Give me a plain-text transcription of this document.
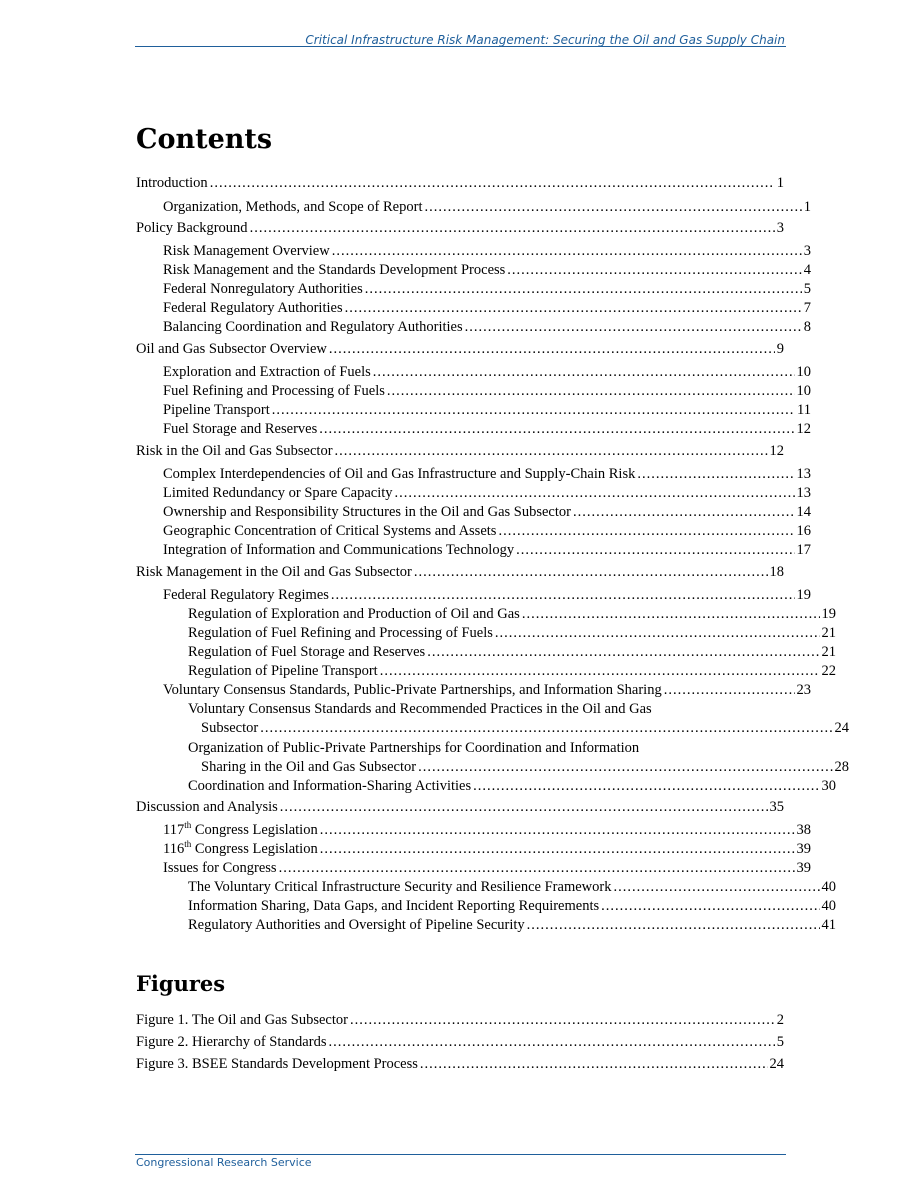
Critical Infrastructure Risk Management: Securing the Oil and Gas Supply Chain
Contents
Introduction .....	1
Organization, Methods, and Scope of Report .....	1
Policy Background .....	3
Risk Management Overview .....	3
Risk Management and the Standards Development Process .....	4
Federal Nonregulatory Authorities .....	5
Federal Regulatory Authorities .....	7
Balancing Coordination and Regulatory Authorities .....	8
Oil and Gas Subsector Overview .....	9
Exploration and Extraction of Fuels .....	10
Fuel Refining and Processing of Fuels .....	10
Pipeline Transport .....	11
Fuel Storage and Reserves .....	12
Risk in the Oil and Gas Subsector .....	12
Complex Interdependencies of Oil and Gas Infrastructure and Supply-Chain Risk .....	13
Limited Redundancy or Spare Capacity .....	13
Ownership and Responsibility Structures in the Oil and Gas Subsector .....	14
Geographic Concentration of Critical Systems and Assets .....	16
Integration of Information and Communications Technology .....	17
Risk Management in the Oil and Gas Subsector .....	18
Federal Regulatory Regimes .....	19
Regulation of Exploration and Production of Oil and Gas .....	19
Regulation of Fuel Refining and Processing of Fuels .....	21
Regulation of Fuel Storage and Reserves .....	21
Regulation of Pipeline Transport .....	22
Voluntary Consensus Standards, Public-Private Partnerships, and Information Sharing .....	23
Voluntary Consensus Standards and Recommended Practices in the Oil and Gas
Subsector .....	24
Organization of Public-Private Partnerships for Coordination and Information
Sharing in the Oil and Gas Subsector .....	28
Coordination and Information-Sharing Activities .....	30
Discussion and Analysis .....	35
117th Congress Legislation .....	38
116th Congress Legislation .....	39
Issues for Congress .....	39
The Voluntary Critical Infrastructure Security and Resilience Framework .....	40
Information Sharing, Data Gaps, and Incident Reporting Requirements .....	40
Regulatory Authorities and Oversight of Pipeline Security .....	41
Figures
Figure 1. The Oil and Gas Subsector .....	2
Figure 2. Hierarchy of Standards .....	5
Figure 3. BSEE Standards Development Process .....	24
Congressional Research Service
